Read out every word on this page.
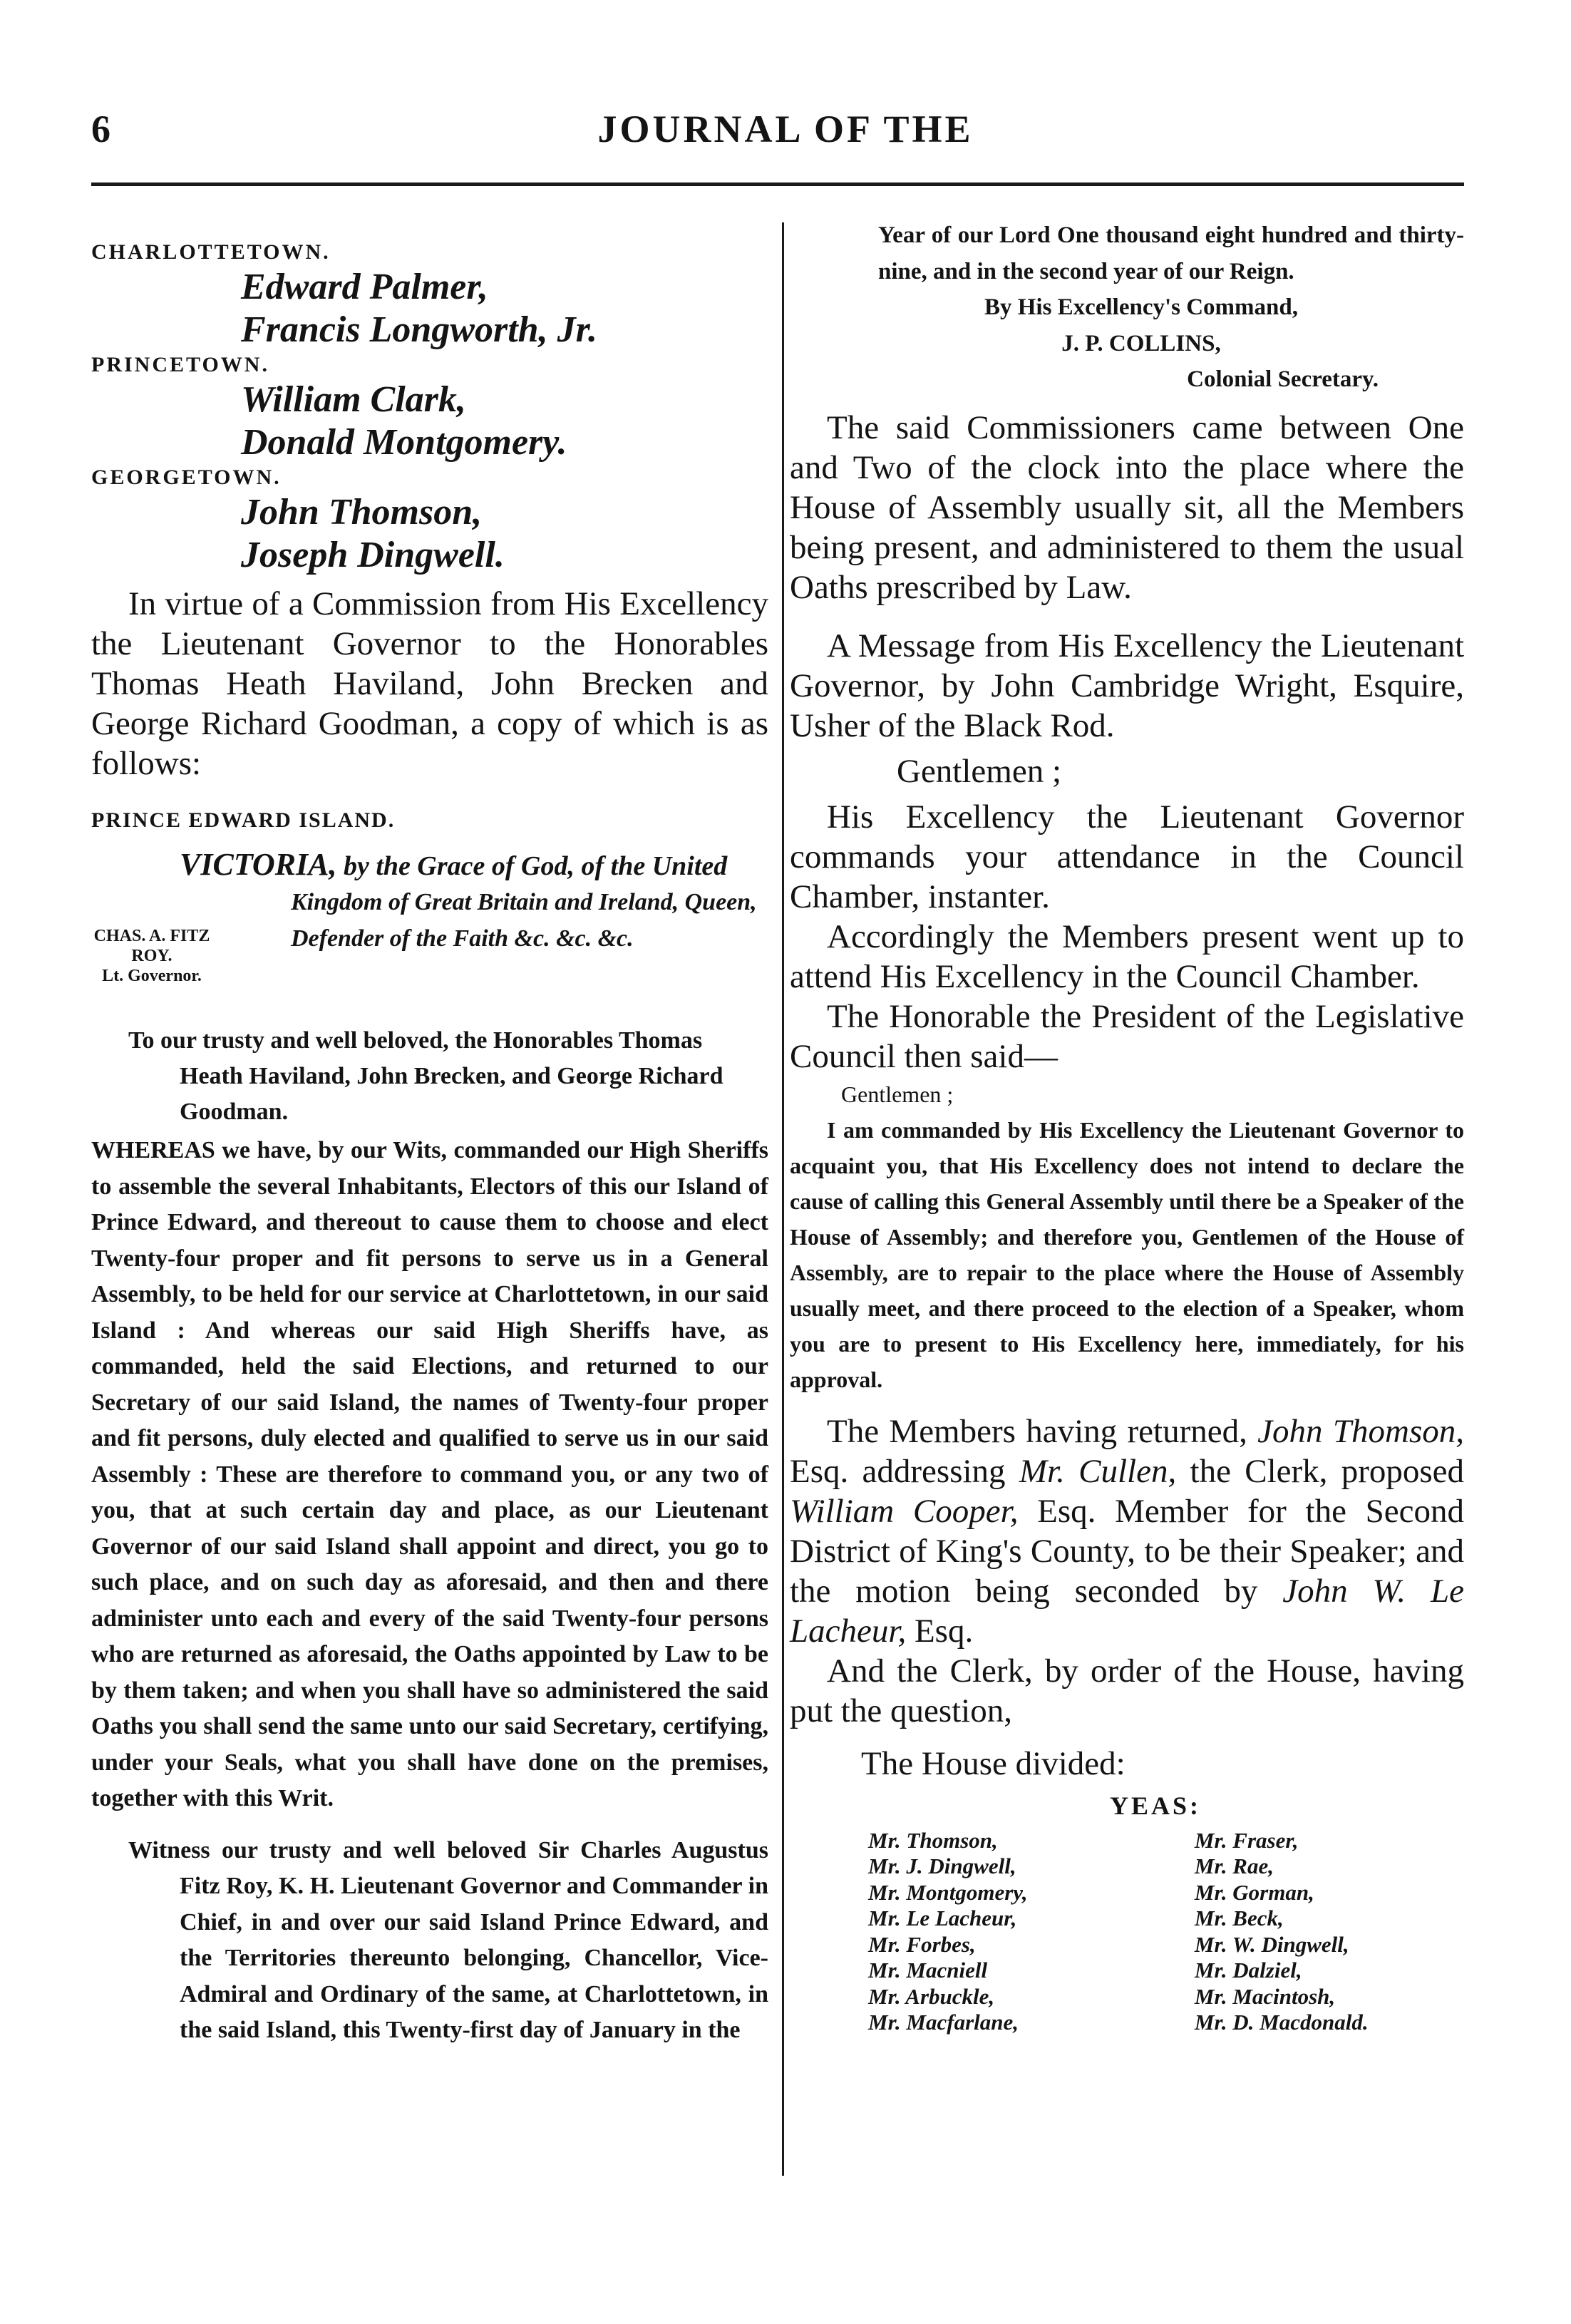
6	JOURNAL OF THE
CHARLOTTETOWN.
Edward Palmer,
Francis Longworth, Jr.
PRINCETOWN.
William Clark,
Donald Montgomery.
GEORGETOWN.
John Thomson,
Joseph Dingwell.
In virtue of a Commission from His Excellency the Lieutenant Governor to the Honorables Thomas Heath Haviland, John Brecken and George Richard Goodman, a copy of which is as follows:
PRINCE EDWARD ISLAND.
VICTORIA, by the Grace of God, of the United
Kingdom of Great Britain and Ireland, Queen, Defender of the Faith &c. &c. &c.
CHAS. A. FITZ ROY.
Lt. Governor.
To our trusty and well beloved, the Honorables Thomas Heath Haviland, John Brecken, and George Richard Goodman.
WHEREAS we have, by our Wits, commanded our High Sheriffs to assemble the several Inhabitants, Electors of this our Island of Prince Edward, and thereout to cause them to choose and elect Twenty-four proper and fit persons to serve us in a General Assembly, to be held for our service at Charlottetown, in our said Island : And whereas our said High Sheriffs have, as commanded, held the said Elections, and returned to our Secretary of our said Island, the names of Twenty-four proper and fit persons, duly elected and qualified to serve us in our said Assembly : These are therefore to command you, or any two of you, that at such certain day and place, as our Lieutenant Governor of our said Island shall appoint and direct, you go to such place, and on such day as aforesaid, and then and there administer unto each and every of the said Twenty-four persons who are returned as aforesaid, the Oaths appointed by Law to be by them taken; and when you shall have so administered the said Oaths you shall send the same unto our said Secretary, certifying, under your Seals, what you shall have done on the premises, together with this Writ.
Witness our trusty and well beloved Sir Charles Augustus Fitz Roy, K. H. Lieutenant Governor and Commander in Chief, in and over our said Island Prince Edward, and the Territories thereunto belonging, Chancellor, Vice-Admiral and Ordinary of the same, at Charlottetown, in the said Island, this Twenty-first day of January in the
Year of our Lord One thousand eight hundred and thirty-nine, and in the second year of our Reign.
By His Excellency's Command,
J. P. COLLINS,
Colonial Secretary.
The said Commissioners came between One and Two of the clock into the place where the House of Assembly usually sit, all the Members being present, and administered to them the usual Oaths prescribed by Law.
A Message from His Excellency the Lieutenant Governor, by John Cambridge Wright, Esquire, Usher of the Black Rod.
Gentlemen ;
His Excellency the Lieutenant Governor commands your attendance in the Council Chamber, instanter.
Accordingly the Members present went up to attend His Excellency in the Council Chamber.
The Honorable the President of the Legislative Council then said—
Gentlemen ;
I am commanded by His Excellency the Lieutenant Governor to acquaint you, that His Excellency does not intend to declare the cause of calling this General Assembly until there be a Speaker of the House of Assembly; and therefore you, Gentlemen of the House of Assembly, are to repair to the place where the House of Assembly usually meet, and there proceed to the election of a Speaker, whom you are to present to His Excellency here, immediately, for his approval.
The Members having returned, John Thomson, Esq. addressing Mr. Cullen, the Clerk, proposed William Cooper, Esq. Member for the Second District of King's County, to be their Speaker; and the motion being seconded by John W. Le Lacheur, Esq.
And the Clerk, by order of the House, having put the question,
The House divided:
YEAS:
Mr. Thomson,
Mr. J. Dingwell,
Mr. Montgomery,
Mr. Le Lacheur,
Mr. Forbes,
Mr. Macniell
Mr. Arbuckle,
Mr. Macfarlane,
Mr. Fraser,
Mr. Rae,
Mr. Gorman,
Mr. Beck,
Mr. W. Dingwell,
Mr. Dalziel,
Mr. Macintosh,
Mr. D. Macdonald.
